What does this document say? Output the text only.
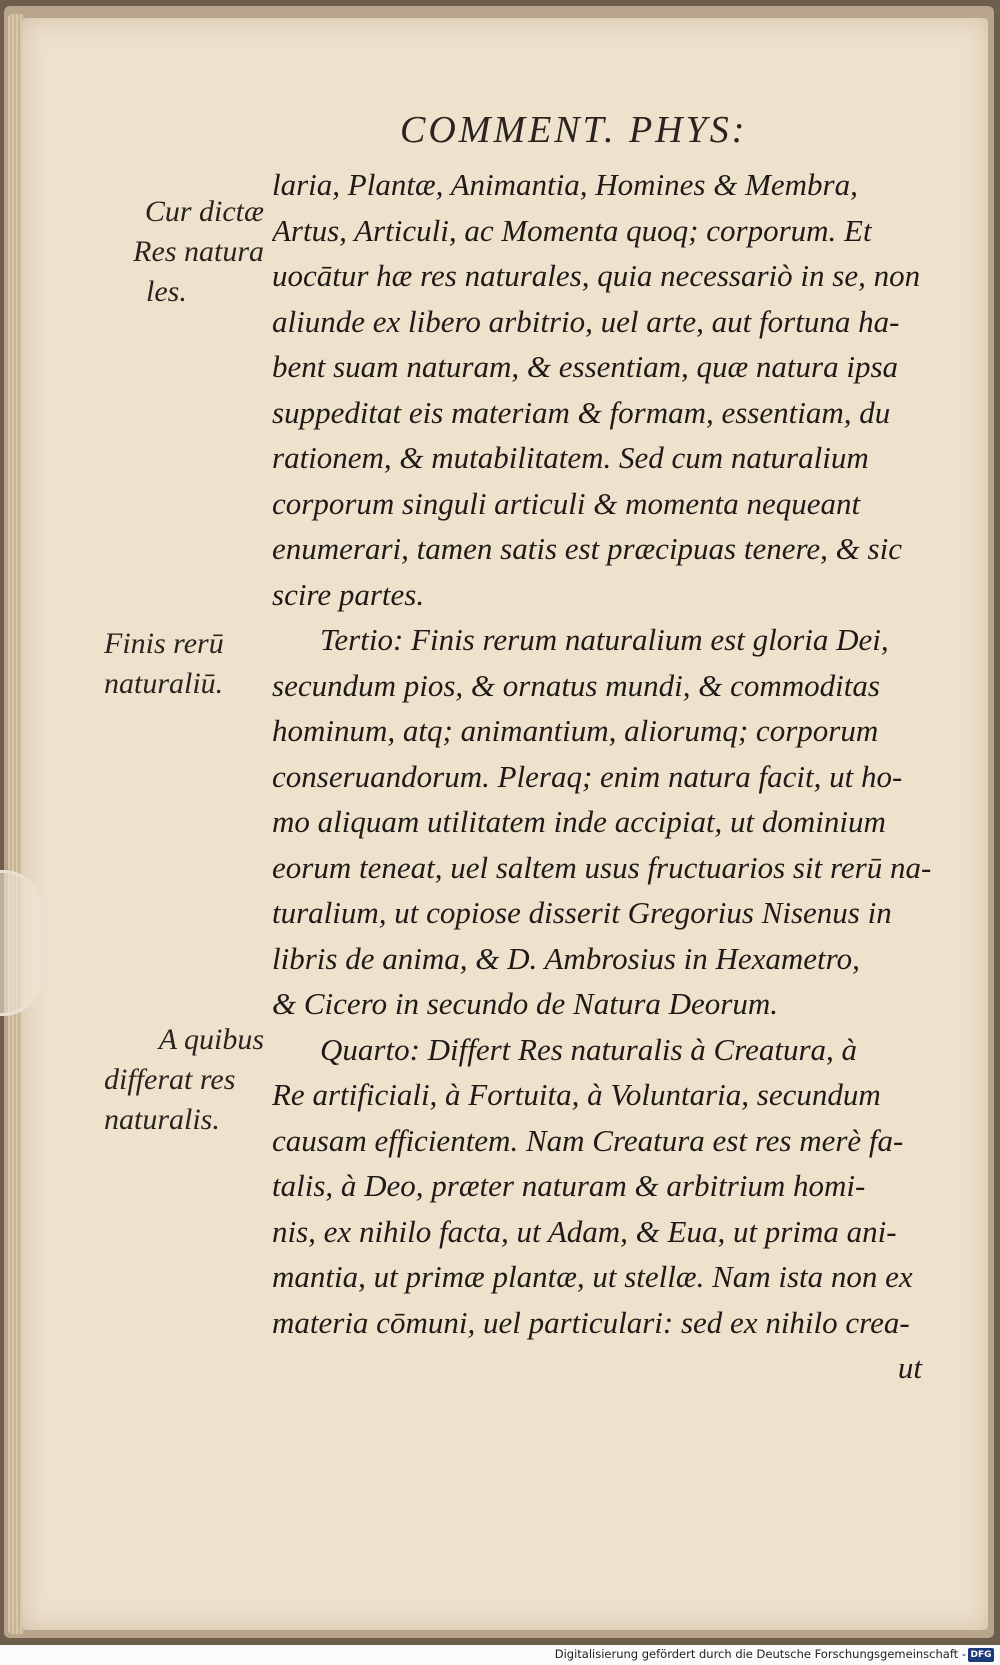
COMMENT. PHYS:
laria, Plantæ, Animantia, Homines & Membra,
Artus, Articuli, ac Momenta quoq; corporum. Et
uocātur hæ res naturales, quia necessariò in se, non
aliunde ex libero arbitrio, uel arte, aut fortuna ha-
bent suam naturam, & essentiam, quæ natura ipsa
suppeditat eis materiam & formam, essentiam, du
rationem, & mutabilitatem. Sed cum naturalium
corporum singuli articuli & momenta nequeant
enumerari, tamen satis est præcipuas tenere, & sic
scire partes.
Tertio: Finis rerum naturalium est gloria Dei,
secundum pios, & ornatus mundi, & commoditas
hominum, atq; animantium, aliorumq; corporum
conseruandorum. Pleraq; enim natura facit, ut ho-
mo aliquam utilitatem inde accipiat, ut dominium
eorum teneat, uel saltem usus fructuarios sit rerū na-
turalium, ut copiose disserit Gregorius Nisenus in
libris de anima, & D. Ambrosius in Hexametro,
& Cicero in secundo de Natura Deorum.
Quarto: Differt Res naturalis à Creatura, à
Re artificiali, à Fortuita, à Voluntaria, secundum
causam efficientem. Nam Creatura est res merè fa-
talis, à Deo, præter naturam & arbitrium homi-
nis, ex nihilo facta, ut Adam, & Eua, ut prima ani-
mantia, ut primæ plantæ, ut stellæ. Nam ista non ex
materia cōmuni, uel particulari: sed ex nihilo crea-
ut
Cur dictæ
Res natura
les.
Finis rerū
naturaliū.
A quibus
differat res
naturalis.
Digitalisierung gefördert durch die Deutsche Forschungsgemeinschaft - DFG
